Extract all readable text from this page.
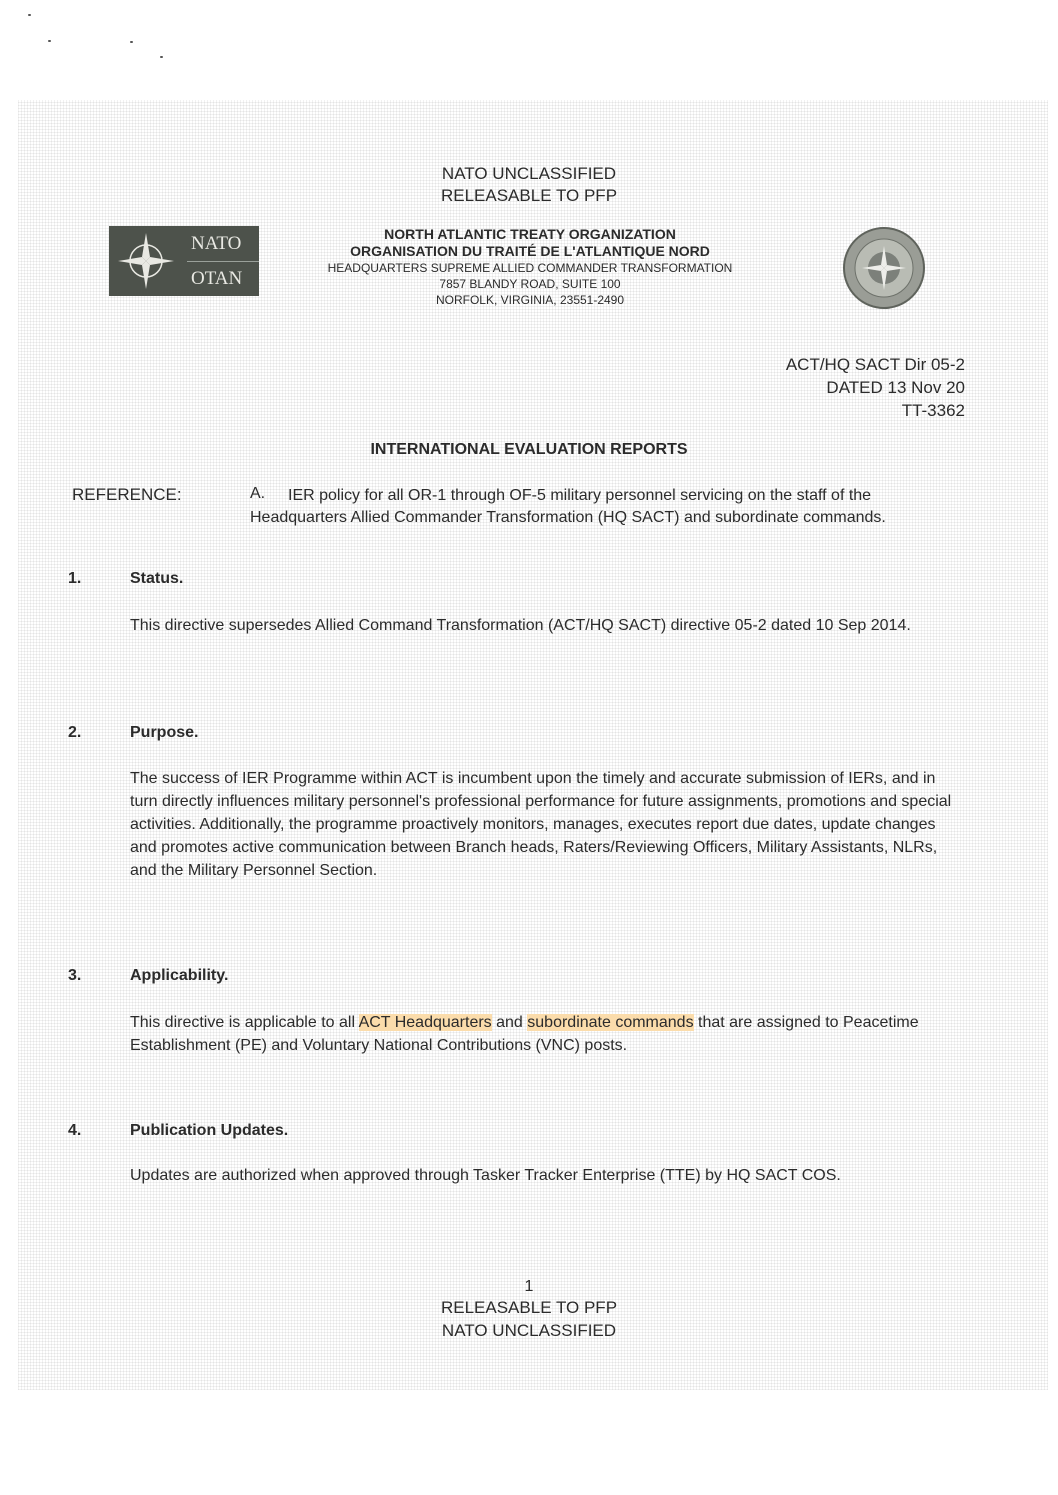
NATO UNCLASSIFIED
RELEASABLE TO PFP
NATO
OTAN
NORTH ATLANTIC TREATY ORGANIZATION
ORGANISATION DU TRAITÉ DE L'ATLANTIQUE NORD
HEADQUARTERS SUPREME ALLIED COMMANDER TRANSFORMATION
7857 BLANDY ROAD, SUITE 100
NORFOLK, VIRGINIA, 23551-2490
ACT/HQ SACT Dir 05-2
DATED 13 Nov 20
TT-3362
INTERNATIONAL EVALUATION REPORTS
REFERENCE:	A.	IER policy for all OR-1 through OF-5 military personnel servicing on the staff of the Headquarters Allied Commander Transformation (HQ SACT) and subordinate commands.
1.	Status.
This directive supersedes Allied Command Transformation (ACT/HQ SACT) directive 05-2 dated 10 Sep 2014.
2.	Purpose.
The success of IER Programme within ACT is incumbent upon the timely and accurate submission of IERs, and in turn directly influences military personnel's professional performance for future assignments, promotions and special activities. Additionally, the programme proactively monitors, manages, executes report due dates, update changes and promotes active communication between Branch heads, Raters/Reviewing Officers, Military Assistants, NLRs, and the Military Personnel Section.
3.	Applicability.
This directive is applicable to all ACT Headquarters and subordinate commands that are assigned to Peacetime Establishment (PE) and Voluntary National Contributions (VNC) posts.
4.	Publication Updates.
Updates are authorized when approved through Tasker Tracker Enterprise (TTE) by HQ SACT COS.
1
RELEASABLE TO PFP
NATO UNCLASSIFIED
